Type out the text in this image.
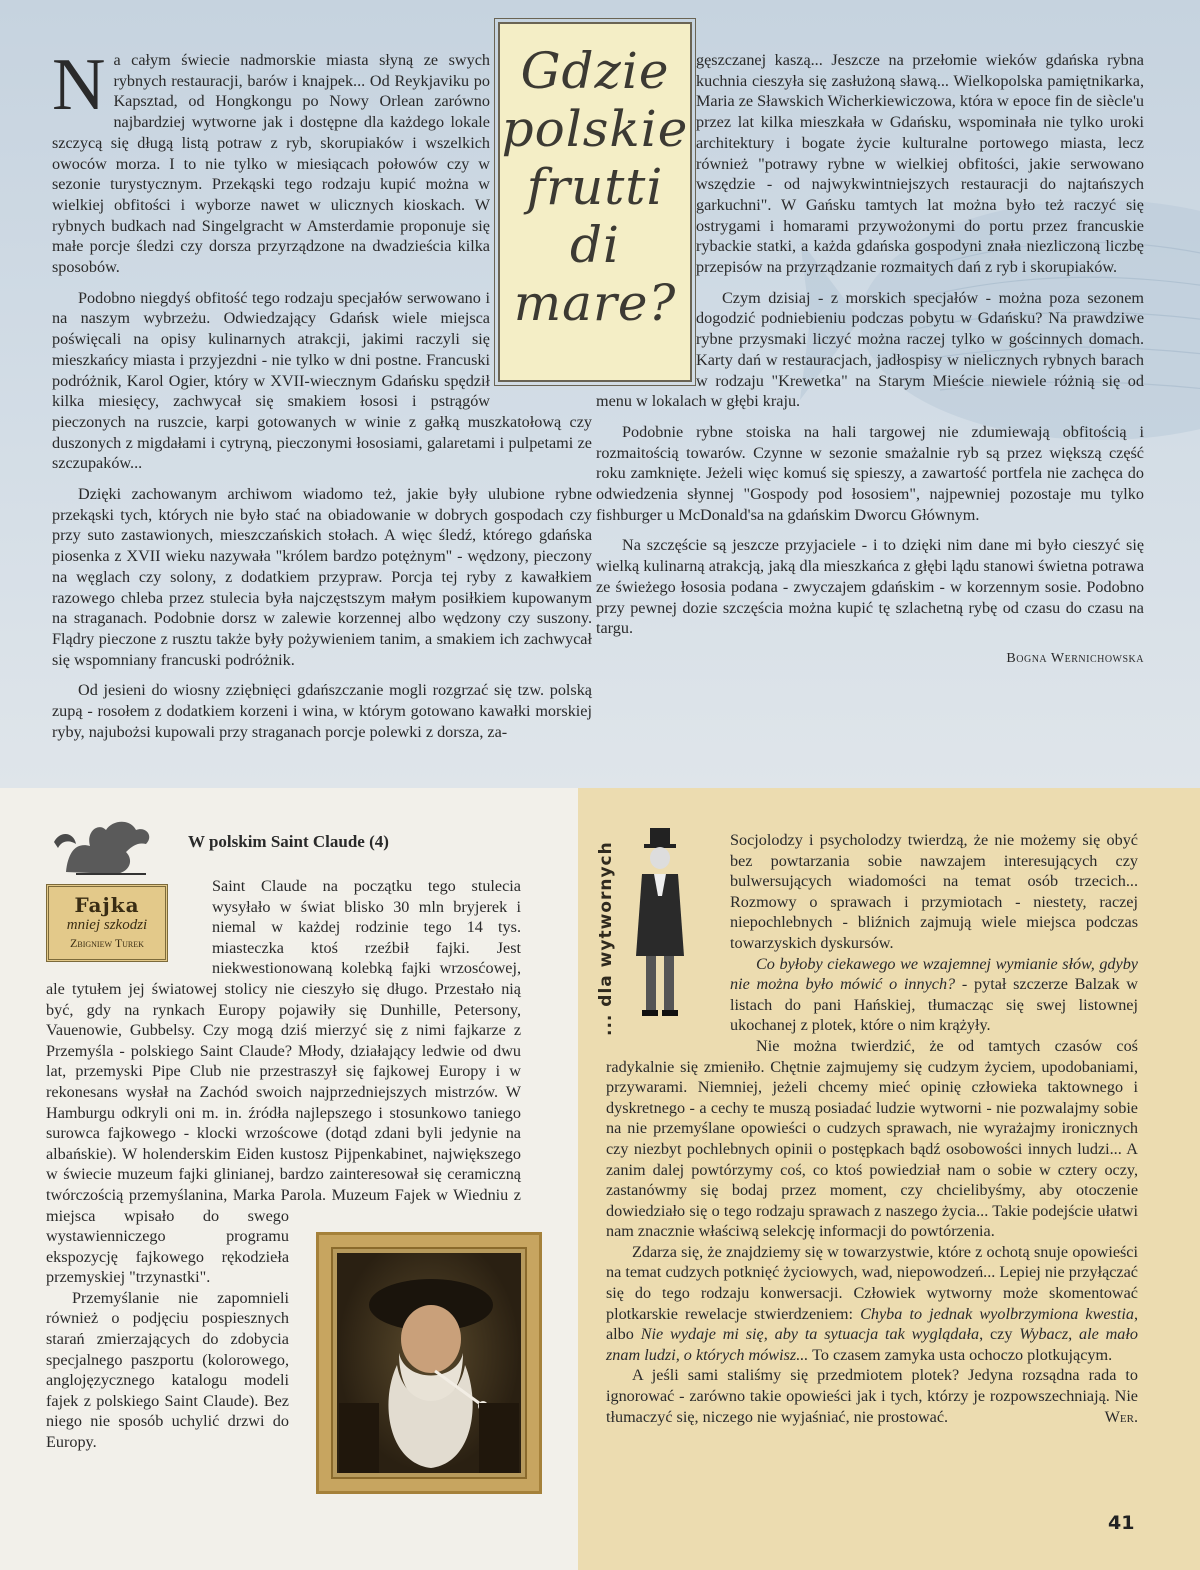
Na całym świecie nadmorskie miasta słyną ze swych rybnych restauracji, barów i knajpek... Od Reykjaviku po Kapsztad, od Hongkongu po Nowy Orlean zarówno najbardziej wytworne jak i dostępne dla każdego lokale szczycą się długą listą potraw z ryb, skorupiaków i wszelkich owoców morza. I to nie tylko w miesiącach połowów czy w sezonie turystycznym. Przekąski tego rodzaju kupić można w wielkiej obfitości i wyborze nawet w ulicznych kioskach. W rybnych budkach nad Singelgracht w Amsterdamie proponuje się małe porcje śledzi czy dorsza przyrządzone na dwadzieścia kilka sposobów.

Podobno niegdyś obfitość tego rodzaju specjałów serwowano i na naszym wybrzeżu. Odwiedzający Gdańsk wiele miejsca poświęcali na opisy kulinarnych atrakcji, jakimi raczyli się mieszkańcy miasta i przyjezdni - nie tylko w dni postne. Francuski podróżnik, Karol Ogier, który w XVII-wiecznym Gdańsku spędził kilka miesięcy, zachwycał się smakiem łososi i pstrągów pieczonych na ruszcie, karpi gotowanych w winie z gałką muszkatołową czy duszonych z migdałami i cytryną, pieczonymi łososiami, galaretami i pulpetami ze szczupaków...

Dzięki zachowanym archiwom wiadomo też, jakie były ulubione rybne przekąski tych, których nie było stać na obiadowanie w dobrych gospodach czy przy suto zastawionych, mieszczańskich stołach. A więc śledź, którego gdańska piosenka z XVII wieku nazywała "królem bardzo potężnym" - wędzony, pieczony na węglach czy solony, z dodatkiem przypraw. Porcja tej ryby z kawałkiem razowego chleba przez stulecia była najczęstszym małym posiłkiem kupowanym na straganach. Podobnie dorsz w zalewie korzennej albo wędzony czy suszony. Flądry pieczone z rusztu także były pożywieniem tanim, a smakiem ich zachwycał się wspomniany francuski podróżnik.

Od jesieni do wiosny zziębnięci gdańszczanie mogli rozgrzać się tzw. polską zupą - rosołem z dodatkiem korzeni i wina, w którym gotowano kawałki morskiej ryby, najubożsi kupowali przy straganach porcje polewki z dorsza, za-

gęszczanej kaszą... Jeszcze na przełomie wieków gdańska rybna kuchnia cieszyła się zasłużoną sławą... Wielkopolska pamiętnikarka, Maria ze Sławskich Wicherkiewiczowa, która w epoce fin de siècle'u przez lat kilka mieszkała w Gdańsku, wspominała nie tylko uroki architektury i bogate życie kulturalne portowego miasta, lecz również "potrawy rybne w wielkiej obfitości, jakie serwowano wszędzie - od najwykwintniejszych restauracji do najtańszych garkuchni". W Gańsku tamtych lat można było też raczyć się ostrygami i homarami przywożonymi do portu przez francuskie rybackie statki, a każda gdańska gospodyni znała niezliczoną liczbę przepisów na przyrządzanie rozmaitych dań z ryb i skorupiaków.

Czym dzisiaj - z morskich specjałów - można poza sezonem dogodzić podniebieniu podczas pobytu w Gdańsku? Na prawdziwe rybne przysmaki liczyć można raczej tylko w gościnnych domach. Karty dań w restauracjach, jadłospisy w nielicznych rybnych barach w rodzaju "Krewetka" na Starym Mieście niewiele różnią się od menu w lokalach w głębi kraju.

Podobnie rybne stoiska na hali targowej nie zdumiewają obfitością i rozmaitością towarów. Czynne w sezonie smażalnie ryb są przez większą część roku zamknięte. Jeżeli więc komuś się spieszy, a zawartość portfela nie zachęca do odwiedzenia słynnej "Gospody pod łososiem", najpewniej pozostaje mu tylko fishburger u McDonald'sa na gdańskim Dworcu Głównym.

Na szczęście są jeszcze przyjaciele - i to dzięki nim dane mi było cieszyć się wielką kulinarną atrakcją, jaką dla mieszkańca z głębi lądu stanowi świetna potrawa ze świeżego łososia podana - zwyczajem gdańskim - w korzennym sosie. Podobno przy pewnej dozie szczęścia można kupić tę szlachetną rybę od czasu do czasu na targu.

Bogna Wernichowska

Gdzie polskie frutti di mare?
Fajka
mniej szkodzi
Zbigniew Turek
W polskim Saint Claude (4)

Saint Claude na początku tego stulecia wysyłało w świat blisko 30 mln bryjerek i niemal w każdej rodzinie tego 14 tys. miasteczka ktoś rzeźbił fajki. Jest niekwestionowaną kolebką fajki wrzosćowej, ale tytułem jej światowej stolicy nie cieszyło się długo. Przestało nią być, gdy na rynkach Europy pojawiły się Dunhille, Petersony, Vauenowie, Gubbelsy. Czy mogą dziś mierzyć się z nimi fajkarze z Przemyśla - polskiego Saint Claude? Młody, działający ledwie od dwu lat, przemyski Pipe Club nie przestraszył się fajkowej Europy i w rekonesans wysłał na Zachód swoich najprzedniejszych mistrzów. W Hamburgu odkryli oni m. in. źródła najlepszego i stosunkowo taniego surowca fajkowego - klocki wrzoścowe (dotąd zdani byli jedynie na albańskie). W holenderskim Eiden kustosz Pijpenkabinet, największego w świecie muzeum fajki glinianej, bardzo zainteresował się ceramiczną twórczością przemyślanina, Marka Parola. Muzeum Fajek w Wiedniu z miejsca wpisało do swego wystawienniczego programu ekspozycję fajkowego rękodzieła przemyskiej "trzynastki".

Przemyślanie nie zapomnieli również o podjęciu pospiesznych starań zmierzających do zdobycia specjalnego paszportu (kolorowego, anglojęzycznego katalogu modeli fajek z polskiego Saint Claude). Bez niego nie sposób uchylić drzwi do Europy.

... dla wytwornych

Socjolodzy i psycholodzy twierdzą, że nie możemy się obyć bez powtarzania sobie nawzajem interesujących czy bulwersujących wiadomości na temat osób trzecich... Rozmowy o sprawach i przymiotach - niestety, raczej niepochlebnych - bliźnich zajmują wiele miejsca podczas towarzyskich dyskursów.

Co byłoby ciekawego we wzajemnej wymianie słów, gdyby nie można było mówić o innych? - pytał szczerze Balzak w listach do pani Hańskiej, tłumacząc się swej listownej ukochanej z plotek, które o nim krążyły.

Nie można twierdzić, że od tamtych czasów coś radykalnie się zmieniło. Chętnie zajmujemy się cudzym życiem, upodobaniami, przywarami. Niemniej, jeżeli chcemy mieć opinię człowieka taktownego i dyskretnego - a cechy te muszą posiadać ludzie wytworni - nie pozwalajmy sobie na nie przemyślane opowieści o cudzych sprawach, nie wyrażajmy ironicznych czy niezbyt pochlebnych opinii o postępkach bądź osobowości innych ludzi... A zanim dalej powtórzymy coś, co ktoś powiedział nam o sobie w cztery oczy, zastanówmy się bodaj przez moment, czy chcielibyśmy, aby otoczenie dowiedziało się o tego rodzaju sprawach z naszego życia... Takie podejście ułatwi nam znacznie właściwą selekcję informacji do powtórzenia.

Zdarza się, że znajdziemy się w towarzystwie, które z ochotą snuje opowieści na temat cudzych potknięć życiowych, wad, niepowodzeń... Lepiej nie przyłączać się do tego rodzaju konwersacji. Człowiek wytworny może skomentować plotkarskie rewelacje stwierdzeniem: Chyba to jednak wyolbrzymiona kwestia, albo Nie wydaje mi się, aby ta sytuacja tak wyglądała, czy Wybacz, ale mało znam ludzi, o których mówisz... To czasem zamyka usta ochoczo plotkującym.

A jeśli sami staliśmy się przedmiotem plotek? Jedyna rozsądna rada to ignorować - zarówno takie opowieści jak i tych, którzy je rozpowszechniają. Nie tłumaczyć się, niczego nie wyjaśniać, nie prostować.	Wer.

41
